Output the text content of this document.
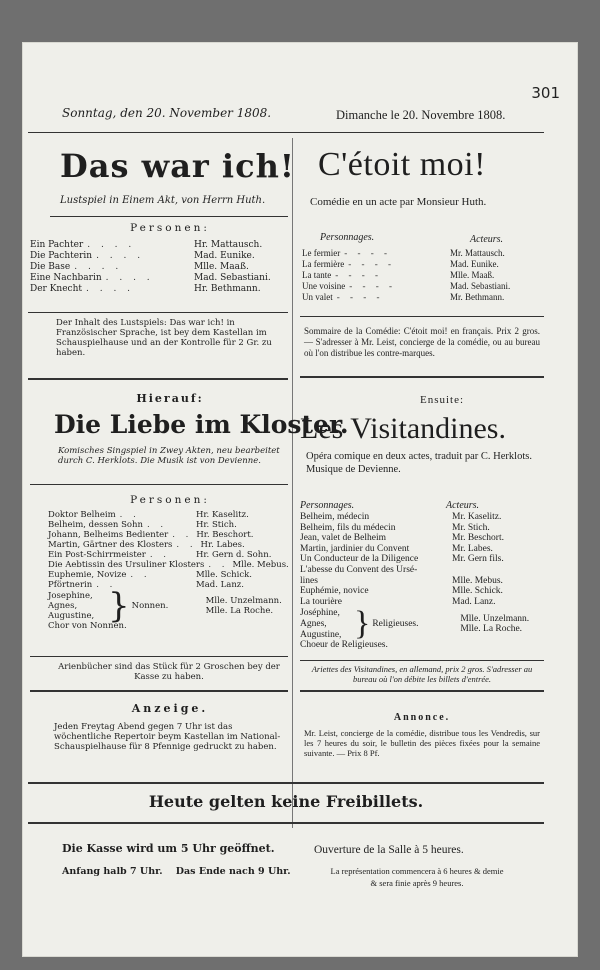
301
Sonntag, den 20. November 1808.	Dimanche le 20. Novembre 1808.
Das war ich! C'étoit moi!
Lustspiel in Einem Akt, von Herrn Huth.	Comédie en un acte par Monsieur Huth.
Personen:
Ein Pachter . . . .	Hr. Mattausch.
Die Pachterin . . . .	Mad. Eunike.
Die Base . . . .	Mlle. Maaß.
Eine Nachbarin . . . .	Mad. Sebastiani.
Der Knecht . . . .	Hr. Bethmann.
Personnages.	Acteurs.
Le fermier - - - -	Mr. Mattausch.
La fermière - - - -	Mad. Eunike.
La tante - - - -	Mlle. Maaß.
Une voisine - - - -	Mad. Sebastiani.
Un valet - - - -	Mr. Bethmann.
Der Inhalt des Lustspiels: Das war ich! in Französischer Sprache, ist bey dem Kastellan im Schauspielhause und an der Kontrolle für 2 Gr. zu haben.
Sommaire de la Comédie: C'étoit moi! en français. Prix 2 gros. — S'adresser à Mr. Leist, concierge de la comédie, ou au bureau où l'on distribue les contre-marques.
Hierauf:	Ensuite:
Die Liebe im Kloster.
Les Visitandines.
Komisches Singspiel in Zwey Akten, neu bearbeitet durch C. Herklots. Die Musik ist von Devienne.	Opéra comique en deux actes, traduit par C. Herklots. Musique de Devienne.
Personen:	Personnages.	Acteurs.
Doktor Belheim . .	Hr. Kaselitz.
Belheim, dessen Sohn . .	Hr. Stich.
Johann, Belheims Bedienter . . Hr. Beschort.
Martin, Gärtner des Klosters . . Hr. Labes.
Ein Post-Schirrmeister . .	Hr. Gern d. Sohn.
Die Aebtissin des Ursuliner Klosters . . Mlle. Mebus.
Euphemie, Novize . .	Mlle. Schick.
Pförtnerin . .	Mad. Lanz.
Josephine,
Agnes,
Augustine, } Nonnen.	Mlle. Unzelmann.
Mlle. La Roche.
Chor von Nonnen.
Belheim, médecin	Mr. Kaselitz.
Belheim, fils du médecin	Mr. Stich.
Jean, valet de Belheim	Mr. Beschort.
Martin, jardinier du Convent	Mr. Labes.
Un Conducteur de la Diligence	Mr. Gern fils.
L'abesse du Convent des Ursé-
lines	Mlle. Mebus.
Euphémie, novice	Mlle. Schick.
La tourière	Mad. Lanz.
Joséphine,
Agnes,
Augustine, } Religieuses.
Mlle. Unzelmann.
Mlle. La Roche.
Choeur de Religieuses.
Arienbücher sind das Stück für 2 Groschen bey der Kasse zu haben.
Ariettes des Visitandines, en allemand, prix 2 gros. S'adresser au bureau où l'on débite les billets d'entrée.
Anzeige.
Jeden Freytag Abend gegen 7 Uhr ist das wöchentliche Repertoir beym Kastellan im National-Schauspielhause für 8 Pfennige gedruckt zu haben.
Annonce.
Mr. Leist, concierge de la comédie, distribue tous les Vendredis, sur les 7 heures du soir, le bulletin des pièces fixées pour la semaine suivante. — Prix 8 Pf.
Heute gelten keine Freibillets.
Die Kasse wird um 5 Uhr geöffnet.
Anfang halb 7 Uhr.    Das Ende nach 9 Uhr.
Ouverture de la Salle à 5 heures.
La représentation commencera à 6 heures & demie
& sera finie après 9 heures.
